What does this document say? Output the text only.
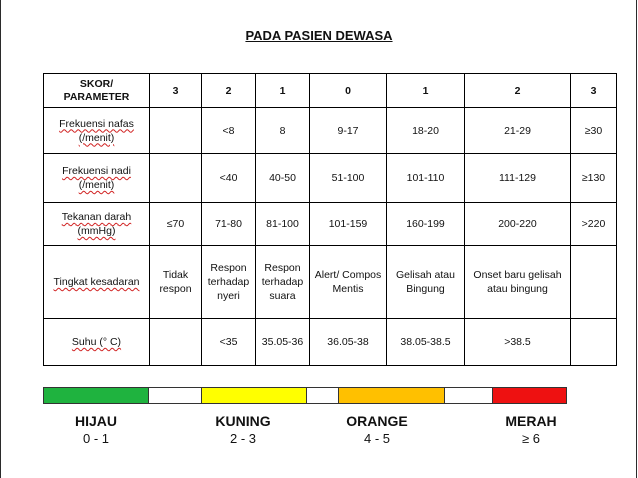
PADA PASIEN DEWASA
SKOR/
PARAMETER	3	2	1	0	1	2	3
Frekuensi nafas (/menit)		<8	8	9-17	18-20	21-29	≥30
Frekuensi nadi (/menit)		<40	40-50	51-100	101-110	111-129	≥130
Tekanan darah (mmHg)	≤70	71-80	81-100	101-159	160-199	200-220	>220
Tingkat kesadaran	Tidak respon	Respon terhadap nyeri	Respon terhadap suara	Alert/ Compos Mentis	Gelisah atau Bingung	Onset baru gelisah atau bingung	
Suhu (° C)		<35	35.05-36	36.05-38	38.05-38.5	>38.5	
HIJAU
0 - 1
KUNING
2 - 3
ORANGE
4 - 5
MERAH
≥ 6
